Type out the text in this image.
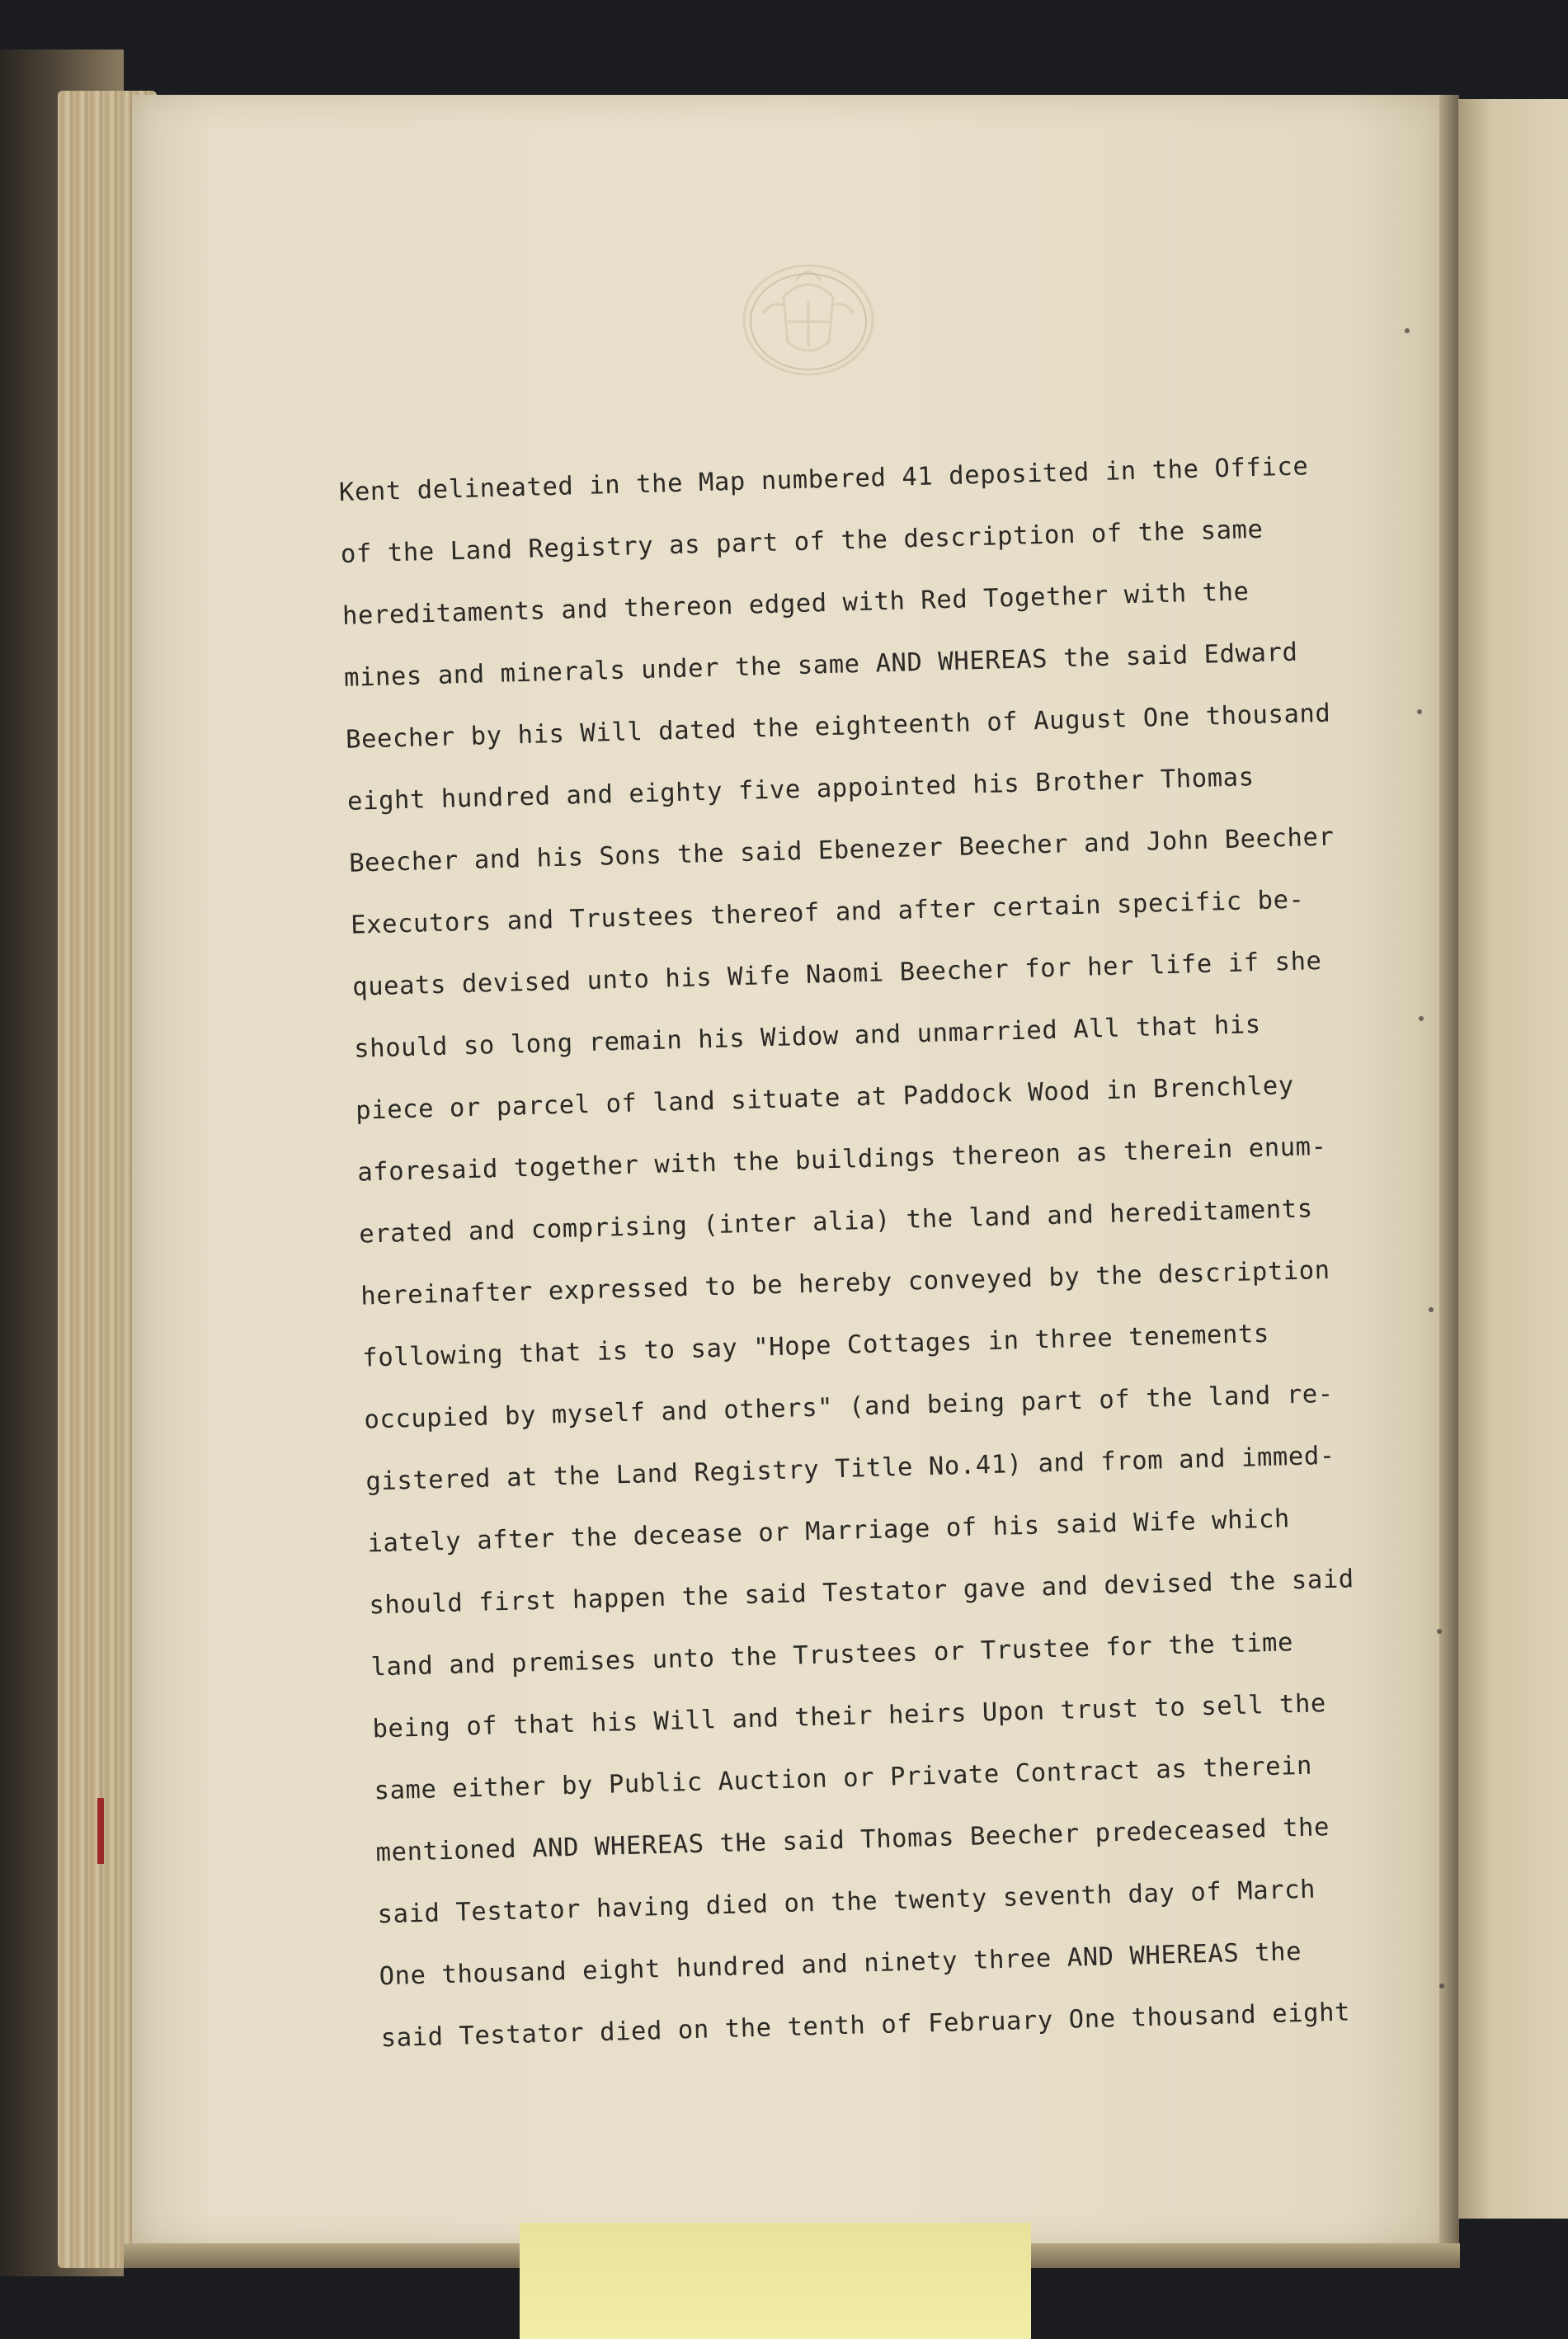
Kent delineated in the Map numbered 41 deposited in the Office
of the Land Registry as part of the description of the same
hereditaments and thereon edged with Red Together with the
mines and minerals under the same AND WHEREAS the said Edward
Beecher by his Will dated the eighteenth of August One thousand
eight hundred and eighty five appointed his Brother Thomas
Beecher and his Sons the said Ebenezer Beecher and John Beecher
Executors and Trustees thereof and after certain specific be-
queats devised unto his Wife Naomi Beecher for her life if she
should so long remain his Widow and unmarried All that his
piece or parcel of land situate at Paddock Wood in Brenchley
aforesaid together with the buildings thereon as therein enum-
erated and comprising (inter alia) the land and hereditaments
hereinafter expressed to be hereby conveyed by the description
following that is to say "Hope Cottages in three tenements
occupied by myself and others" (and being part of the land re-
gistered at the Land Registry Title No.41) and from and immed-
iately after the decease or Marriage of his said Wife which
should first happen the said Testator gave and devised the said
land and premises unto the Trustees or Trustee for the time
being of that his Will and their heirs Upon trust to sell the
same either by Public Auction or Private Contract as therein
mentioned AND WHEREAS tHe said Thomas Beecher predeceased the
said Testator having died on the twenty seventh day of March
One thousand eight hundred and ninety three AND WHEREAS the
said Testator died on the tenth of February One thousand eight
